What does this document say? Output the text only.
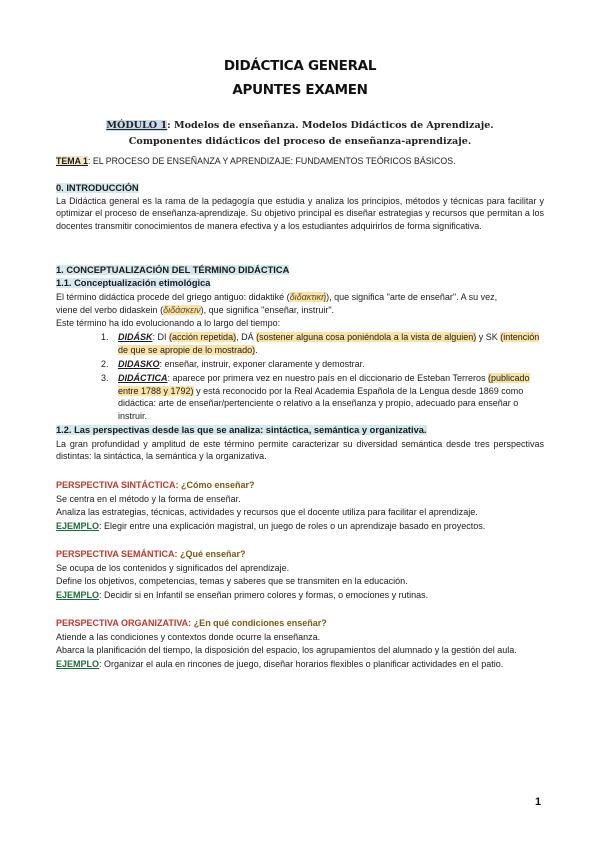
DIDÁCTICA GENERAL
APUNTES EXAMEN
MÓDULO 1: Modelos de enseñanza. Modelos Didácticos de Aprendizaje. Componentes didácticos del proceso de enseñanza-aprendizaje.
TEMA 1: EL PROCESO DE ENSEÑANZA Y APRENDIZAJE: FUNDAMENTOS TEÓRICOS BÁSICOS.
0. INTRODUCCIÓN
La Didáctica general es la rama de la pedagogía que estudia y analiza los principios, métodos y técnicas para facilitar y optimizar el proceso de enseñanza-aprendizaje. Su objetivo principal es diseñar estrategias y recursos que permitan a los docentes transmitir conocimientos de manera efectiva y a los estudiantes adquirirlos de forma significativa.
1. CONCEPTUALIZACIÓN DEL TÉRMINO DIDÁCTICA
1.1. Conceptualización etimológica
El término didáctica procede del griego antiguo: didaktiké (διδακτική), que significa "arte de enseñar". A su vez,
viene del verbo didaskein (διδάσκειν), que significa "enseñar, instruir".
Este término ha ido evolucionando a lo largo del tiempo:
1. DIDÁSK: DI (acción repetida), DÁ (sostener alguna cosa poniéndola a la vista de alguien) y SK (intención de que se apropie de lo mostrado).
2. DIDASKO: enseñar, instruir, exponer claramente y demostrar.
3. DIDÁCTICA: aparece por primera vez en nuestro país en el diccionario de Esteban Terreros (publicado entre 1788 y 1792) y está reconocido por la Real Academia Española de la Lengua desde 1869 como didáctica: arte de enseñar/pertenciente o relativo a la enseñanza y propio, adecuado para enseñar o instruir.
1.2. Las perspectivas desde las que se analiza: sintáctica, semántica y organizativa.
La gran profundidad y amplitud de este término permite caracterizar su diversidad semántica desde tres perspectivas distintas: la sintáctica, la semántica y la organizativa.
PERSPECTIVA SINTÁCTICA: ¿Cómo enseñar?
Se centra en el método y la forma de enseñar.
Analiza las estrategias, técnicas, actividades y recursos que el docente utiliza para facilitar el aprendizaje.
EJEMPLO: Elegir entre una explicación magistral, un juego de roles o un aprendizaje basado en proyectos.
PERSPECTIVA SEMÁNTICA: ¿Qué enseñar?
Se ocupa de los contenidos y significados del aprendizaje.
Define los objetivos, competencias, temas y saberes que se transmiten en la educación.
EJEMPLO: Decidir si en Infantil se enseñan primero colores y formas, o emociones y rutinas.
PERSPECTIVA ORGANIZATIVA: ¿En qué condiciones enseñar?
Atiende a las condiciones y contextos donde ocurre la enseñanza.
Abarca la planificación del tiempo, la disposición del espacio, los agrupamientos del alumnado y la gestión del aula.
EJEMPLO: Organizar el aula en rincones de juego, diseñar horarios flexibles o planificar actividades en el patio.
1
